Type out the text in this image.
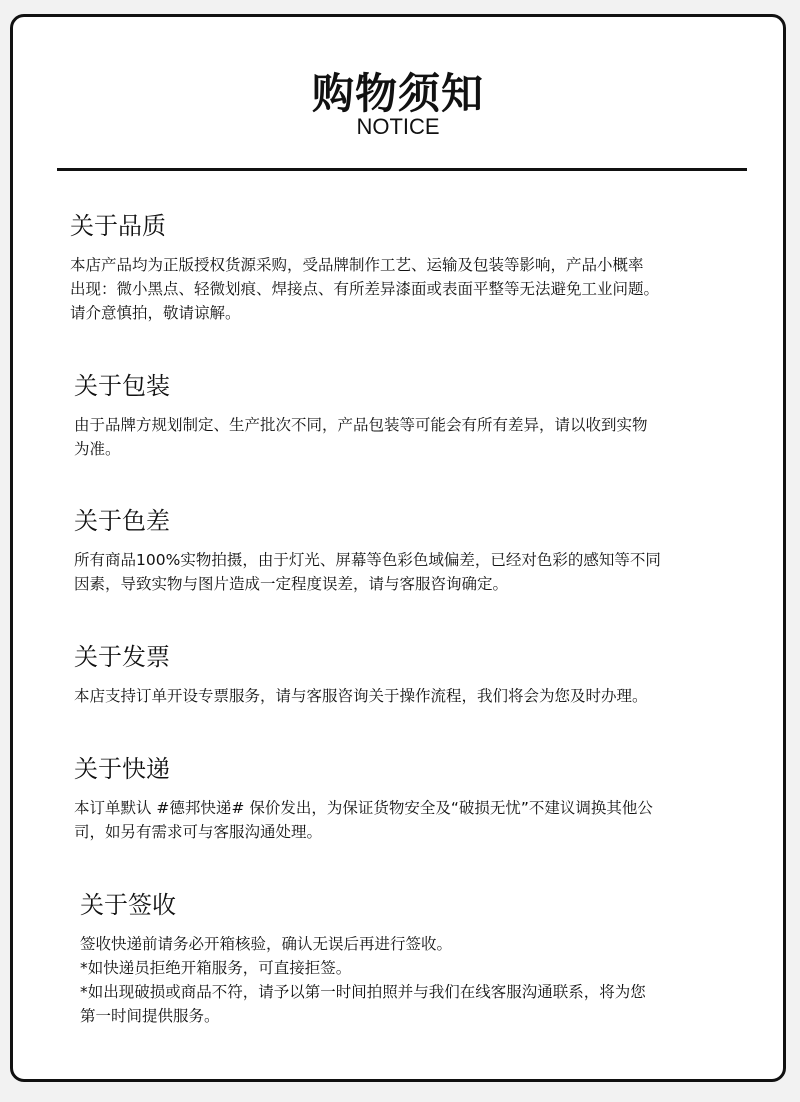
购物须知
NOTICE
关于品质

本店产品均为正版授权货源采购，受品牌制作工艺、运输及包装等影响，产品小概率

出现：微小黑点、轻微划痕、焊接点、有所差异漆面或表面平整等无法避免工业问题。

请介意慎拍，敬请谅解。

关于包装

由于品牌方规划制定、生产批次不同，产品包装等可能会有所有差异，请以收到实物

为准。

关于色差

所有商品100%实物拍摄，由于灯光、屏幕等色彩色域偏差，已经对色彩的感知等不同

因素，导致实物与图片造成一定程度误差，请与客服咨询确定。

关于发票

本店支持订单开设专票服务，请与客服咨询关于操作流程，我们将会为您及时办理。

关于快递

本订单默认 #德邦快递# 保价发出，为保证货物安全及“破损无忧”不建议调换其他公

司，如另有需求可与客服沟通处理。

关于签收

签收快递前请务必开箱核验，确认无误后再进行签收。

*如快递员拒绝开箱服务，可直接拒签。

*如出现破损或商品不符，请予以第一时间拍照并与我们在线客服沟通联系，将为您

第一时间提供服务。
